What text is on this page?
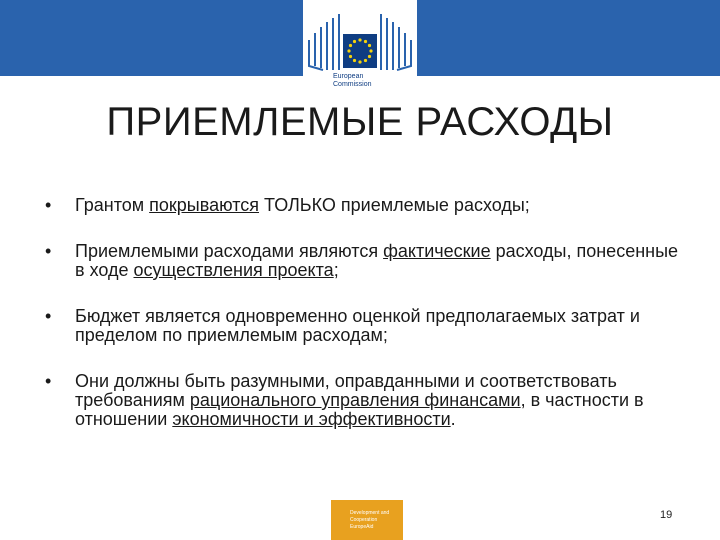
European
Commission
ПРИЕМЛЕМЫЕ РАСХОДЫ
•	Грантом покрываются ТОЛЬКО приемлемые расходы;
•	Приемлемыми расходами являются фактические расходы, понесенные в ходе осуществления проекта;
•	Бюджет является одновременно оценкой предполагаемых затрат и пределом по приемлемым расходам;
•	Они должны быть разумными, оправданными и соответствовать требованиям рационального управления финансами, в частности в отношении экономичности и эффективности.
Development and
Cooperation
EuropeAid
19
